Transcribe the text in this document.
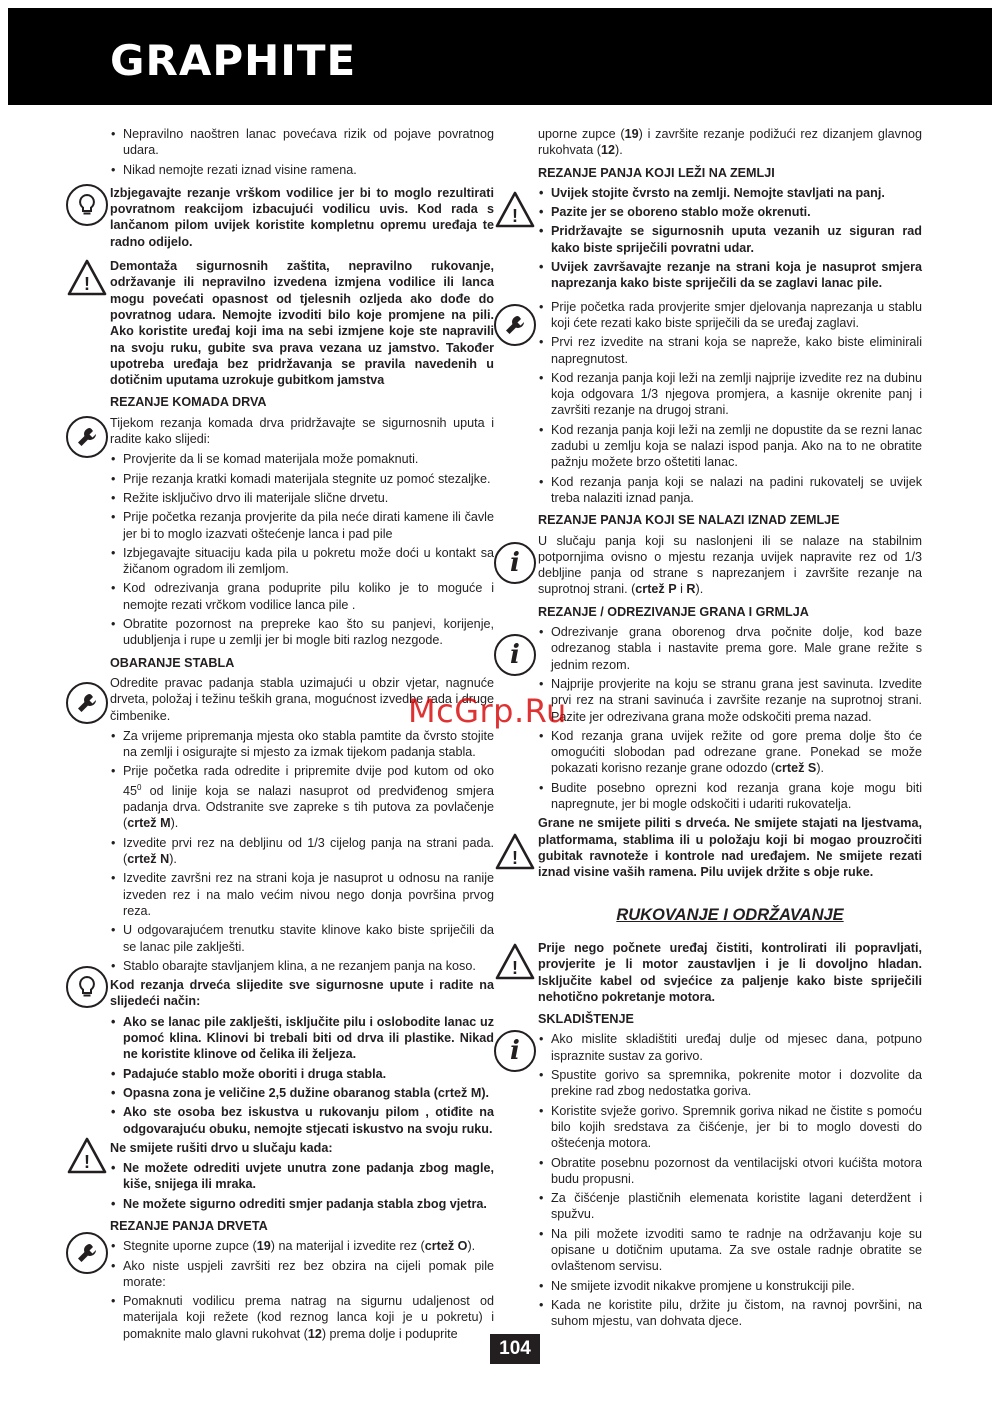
GRAPHITE
!
!
!
i
i
!
!
i
• Nepravilno naoštren lanac povećava rizik od pojave povratnog udara.
• Nikad nemojte rezati iznad visine ramena.

Izbjegavajte rezanje vrškom vodilice jer bi to moglo rezultirati povratnom reakcijom izbacujući vodilicu uvis. Kod rada s lančanom pilom uvijek koristite kompletnu opremu uređaja te radno odijelo.

Demontaža sigurnosnih zaštita, nepravilno rukovanje, održavanje ili nepravilno izvedena izmjena vodilice ili lanca mogu povećati opasnost od tjelesnih ozljeda ako dođe do povratnog udara. Nemojte izvoditi bilo koje promjene na pili. Ako koristite uređaj koji ima na sebi izmjene koje ste napravili na svoju ruku, gubite sva prava vezana uz jamstvo. Također upotreba uređaja bez pridržavanja se pravila navedenih u dotičnim uputama uzrokuje gubitkom jamstva

REZANJE KOMADA DRVA

Tijekom rezanja komada drva pridržavajte se sigurnosnih uputa i radite kako slijedi:

• Provjerite da li se komad materijala može pomaknuti.
• Prije rezanja kratki komadi materijala stegnite uz pomoć stezaljke.
• Režite isključivo drvo ili materijale slične drvetu.
• Prije početka rezanja provjerite da pila neće dirati kamene ili čavle jer bi to moglo izazvati oštećenje lanca i pad pile
• Izbjegavajte situaciju kada pila u pokretu može doći u kontakt sa žičanom ogradom ili zemljom.
• Kod odrezivanja grana poduprite pilu koliko je to moguće i nemojte rezati vrčkom vodilice lanca pile .
• Obratite pozornost na prepreke kao što su panjevi, korijenje, udubljenja i rupe u zemlji jer bi mogle biti razlog nezgode.
OBARANJE STABLA

Odredite pravac padanja stabla uzimajući u obzir vjetar, nagnuće drveta, položaj i težinu teških grana, mogućnost izvedbe rada i druge čimbenike.

• Za vrijeme pripremanja mjesta oko stabla pamtite da čvrsto stojite na zemlji i osigurajte si mjesto za izmak tijekom padanja stabla.
• Prije početka rada odredite i pripremite dvije pod kutom od oko $45^0$ od linije koja se nalazi nasuprot od predviđenog smjera padanja drva. Odstranite sve zapreke s tih putova za povlačenje (crtež M).
• Izvedite prvi rez na debljinu od 1/3 cijelog panja na strani pada. (crtež N).
• Izvedite završni rez na strani koja je nasuprot u odnosu na ranije izveden rez i na malo većim nivou nego donja površina prvog reza.
• U odgovarajućem trenutku stavite klinove kako biste spriječili da se lanac pile zaklješti.
• Stablo obarajte stavljanjem klina, a ne rezanjem panja na koso.

Kod rezanja drveća slijedite sve sigurnosne upute i radite na slijedeći način:

• Ako se lanac pile zaklješti, isključite pilu i oslobodite lanac uz pomoć klina. Klinovi bi trebali biti od drva ili plastike. Nikad ne koristite klinove od čelika ili željeza.
• Padajuće stablo može oboriti i druga stabla.
• Opasna zona je veličine 2,5 dužine obaranog stabla (crtež M).
• Ako ste osoba bez iskustva u rukovanju pilom , otiđite na odgovarajuću obuku, nemojte stjecati iskustvo na svoju ruku.

Ne smijete rušiti drvo u slučaju kada:

• Ne možete odrediti uvjete unutra zone padanja zbog magle, kiše, snijega ili mraka.
• Ne možete sigurno odrediti smjer padanja stabla zbog vjetra.
REZANJE PANJA DRVETA
• Stegnite uporne zupce (19) na materijal i izvedite rez (crtež O).
• Ako niste uspjeli završiti rez bez obzira na cijeli pomak pile morate:
• Pomaknuti vodilicu prema natrag na sigurnu udaljenost od materijala koji režete (kod reznog lanca koji je u pokretu) i pomaknite malo glavni rukohvat (12) prema dolje i poduprite

uporne zupce (19) i završite rezanje podižući rez dizanjem glavnog rukohvata (12).

REZANJE PANJA KOJI LEŽI NA ZEMLJI
• Uvijek stojite čvrsto na zemlji. Nemojte stavljati na panj.
• Pazite jer se oboreno stablo može okrenuti.
• Pridržavajte se sigurnosnih uputa vezanih uz siguran rad kako biste spriječili povratni udar.
• Uvijek završavajte rezanje na strani koja je nasuprot smjera naprezanja kako biste spriječili da se zaglavi lanac pile.
• Prije početka rada provjerite smjer djelovanja naprezanja u stablu koji ćete rezati kako biste spriječili da se uređaj zaglavi.
• Prvi rez izvedite na strani koja se napreže, kako biste eliminirali napregnutost.
• Kod rezanja panja koji leži na zemlji najprije izvedite rez na dubinu koja odgovara 1/3 njegova promjera, a kasnije okrenite panj i završiti rezanje na drugoj strani.
• Kod rezanja panja koji leži na zemlji ne dopustite da se rezni lanac zadubi u zemlju koja se nalazi ispod panja. Ako na to ne obratite pažnju možete brzo oštetiti lanac.
• Kod rezanja panja koji se nalazi na padini rukovatelj se uvijek treba nalaziti iznad panja.
REZANJE PANJA KOJI SE NALAZI IZNAD ZEMLJE

U slučaju panja koji su naslonjeni ili se nalaze na stabilnim potpornjima ovisno o mjestu rezanja uvijek napravite rez od 1/3 debljine panja od strane s naprezanjem i završite rezanje na suprotnoj strani. (crtež P i R).

REZANJE / ODREZIVANJE GRANA I GRMLJA
• Odrezivanje grana oborenog drva počnite dolje, kod baze odrezanog stabla i nastavite prema gore. Male grane režite s jednim rezom.
• Najprije provjerite na koju se stranu grana jest savinuta. Izvedite prvi rez na strani savinuća i završite rezanje na suprotnoj strani. Pazite jer odrezivana grana može odskočiti prema nazad.
• Kod rezanja grana uvijek režite od gore prema dolje što će omogućiti slobodan pad odrezane grane. Ponekad se može pokazati korisno rezanje grane odozdo (crtež S).
• Budite posebno oprezni kod rezanja grana koje mogu biti napregnute, jer bi mogle odskočiti i udariti rukovatelja.

Grane ne smijete piliti s drveća. Ne smijete stajati na ljestvama, platformama, stablima ili u položaju koji bi mogao prouzročiti gubitak ravnoteže i kontrole nad uređajem. Ne smijete rezati iznad visine vaših ramena. Pilu uvijek držite s obje ruke.

RUKOVANJE I ODRŽAVANJE

Prije nego počnete uređaj čistiti, kontrolirati ili popravljati, provjerite je li motor zaustavljen i je li dovoljno hladan. Isključite kabel od svjećice za paljenje kako biste spriječili nehotično pokretanje motora.

SKLADIŠTENJE
• Ako mislite skladištiti uređaj dulje od mjesec dana, potpuno ispraznite sustav za gorivo.
• Spustite gorivo sa spremnika, pokrenite motor i dozvolite da prekine rad zbog nedostatka goriva.
• Koristite svježe gorivo. Spremnik goriva nikad ne čistite s pomoću bilo kojih sredstava za čišćenje, jer bi to moglo dovesti do oštećenja motora.
• Obratite posebnu pozornost da ventilacijski otvori kućišta motora budu propusni.
• Za čišćenje plastičnih elemenata koristite lagani deterdžent i spužvu.
• Na pili možete izvoditi samo te radnje na održavanju koje su opisane u dotičnim uputama. Za sve ostale radnje obratite se ovlaštenom servisu.
• Ne smijete izvodit nikakve promjene u konstrukciji pile.
• Kada ne koristite pilu, držite ju čistom, na ravnoj površini, na suhom mjestu, van dohvata djece.
McGrp.Ru
104
